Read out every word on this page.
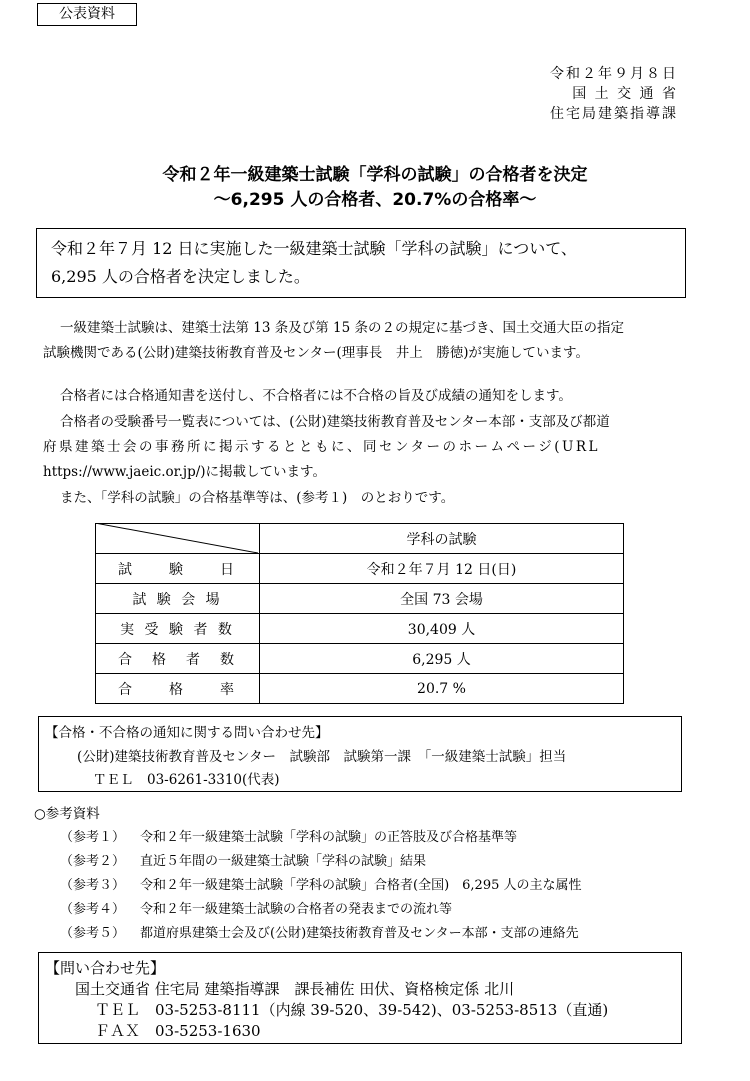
公表資料
令和２年９月８日
国 土 交 通 省
住宅局建築指導課
令和２年一級建築士試験「学科の試験」の合格者を決定
～6,295 人の合格者、20.7%の合格率～
令和２年７月 12 日に実施した一級建築士試験「学科の試験」について、
6,295 人の合格者を決定しました。
一級建築士試験は、建築士法第 13 条及び第 15 条の２の規定に基づき、国土交通大臣の指定
試験機関である(公財)建築技術教育普及センター(理事長　井上　勝徳)が実施しています。
合格者には合格通知書を送付し、不合格者には不合格の旨及び成績の通知をします。
合格者の受験番号一覧表については、(公財)建築技術教育普及センター本部・支部及び都道
府県建築士会の事務所に掲示するとともに、同センターのホームページ(URL
https://www.jaeic.or.jp/)に掲載しています。
また、「学科の試験」の合格基準等は、(参考１)　のとおりです。
	学科の試験
試　　験　　日	令和２年７月 12 日(日)
試 験 会 場	全国 73 会場
実 受 験 者 数	30,409 人
合　格　者　数	6,295 人
合　　格　　率	20.7 %
【合格・不合格の通知に関する問い合わせ先】
(公財)建築技術教育普及センター　試験部　試験第一課　「一級建築士試験」担当
ＴＥＬ　03-6261-3310(代表)
○参考資料
（参考１） 令和２年一級建築士試験「学科の試験」の正答肢及び合格基準等
（参考２） 直近５年間の一級建築士試験「学科の試験」結果
（参考３） 令和２年一級建築士試験「学科の試験」合格者(全国)　6,295 人の主な属性
（参考４） 令和２年一級建築士試験の合格者の発表までの流れ等
（参考５） 都道府県建築士会及び(公財)建築技術教育普及センター本部・支部の連絡先
【問い合わせ先】
国土交通省 住宅局 建築指導課　課長補佐 田伏、資格検定係 北川
ＴＥＬ　03-5253-8111（内線 39-520、39-542)、03-5253-8513（直通)
ＦＡＸ　03-5253-1630
